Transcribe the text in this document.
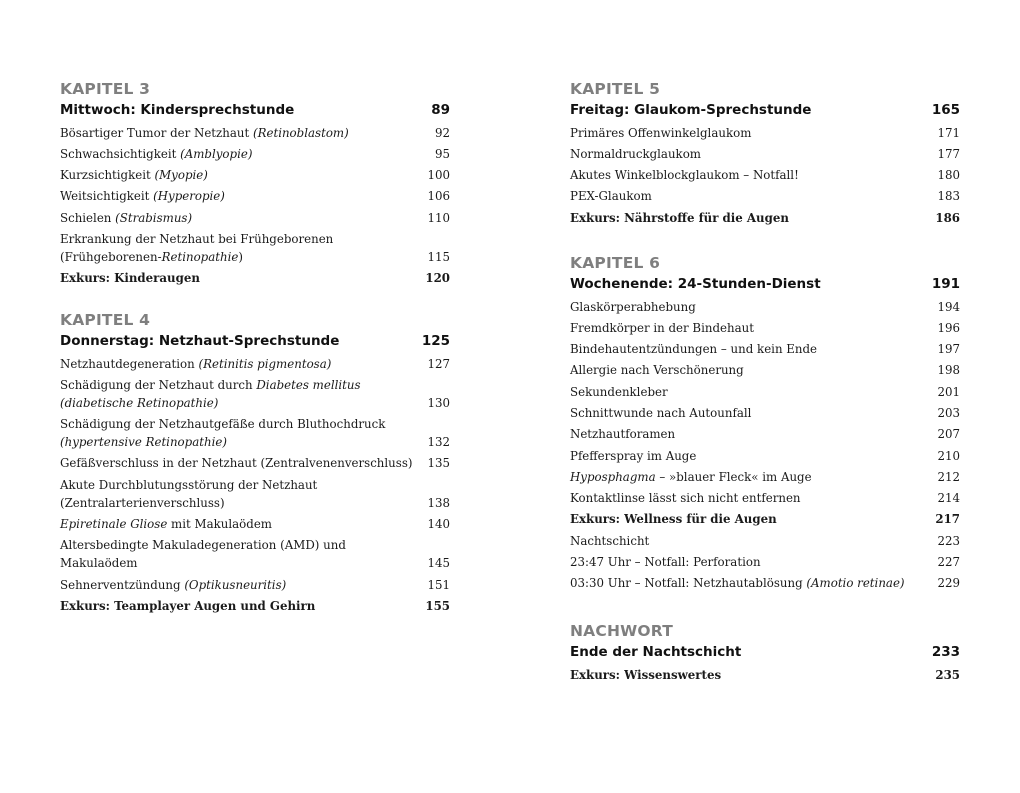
KAPITEL 3
Mittwoch: Kindersprechstunde	89
Bösartiger Tumor der Netzhaut (Retinoblastom)	92
Schwachsichtigkeit (Amblyopie)	95
Kurzsichtigkeit (Myopie)	100
Weitsichtigkeit (Hyperopie)	106
Schielen (Strabismus)	110
Erkrankung der Netzhaut bei Frühgeborenen
(Frühgeborenen-Retinopathie)	115
Exkurs: Kinderaugen	120
KAPITEL 4
Donnerstag: Netzhaut-Sprechstunde	125
Netzhautdegeneration (Retinitis pigmentosa)	127
Schädigung der Netzhaut durch Diabetes mellitus
(diabetische Retinopathie)	130
Schädigung der Netzhautgefäße durch Bluthochdruck
(hypertensive Retinopathie)	132
Gefäßverschluss in der Netzhaut (Zentralvenenverschluss)	135
Akute Durchblutungsstörung der Netzhaut
(Zentralarterienverschluss)	138
Epiretinale Gliose mit Makulaödem	140
Altersbedingte Makuladegeneration (AMD) und Makulaödem	145
Sehnerventzündung (Optikusneuritis)	151
Exkurs: Teamplayer Augen und Gehirn	155
KAPITEL 5
Freitag: Glaukom-Sprechstunde	165
Primäres Offenwinkelglaukom	171
Normaldruckglaukom	177
Akutes Winkelblockglaukom – Notfall!	180
PEX-Glaukom	183
Exkurs: Nährstoffe für die Augen	186
KAPITEL 6
Wochenende: 24-Stunden-Dienst	191
Glaskörperabhebung	194
Fremdkörper in der Bindehaut	196
Bindehautentzündungen – und kein Ende	197
Allergie nach Verschönerung	198
Sekundenkleber	201
Schnittwunde nach Autounfall	203
Netzhautforamen	207
Pfefferspray im Auge	210
Hyposphagma – »blauer Fleck« im Auge	212
Kontaktlinse lässt sich nicht entfernen	214
Exkurs: Wellness für die Augen	217
Nachtschicht	223
23:47 Uhr – Notfall: Perforation	227
03:30 Uhr – Notfall: Netzhautablösung (Amotio retinae)	229
NACHWORT
Ende der Nachtschicht	233
Exkurs: Wissenswertes	235
